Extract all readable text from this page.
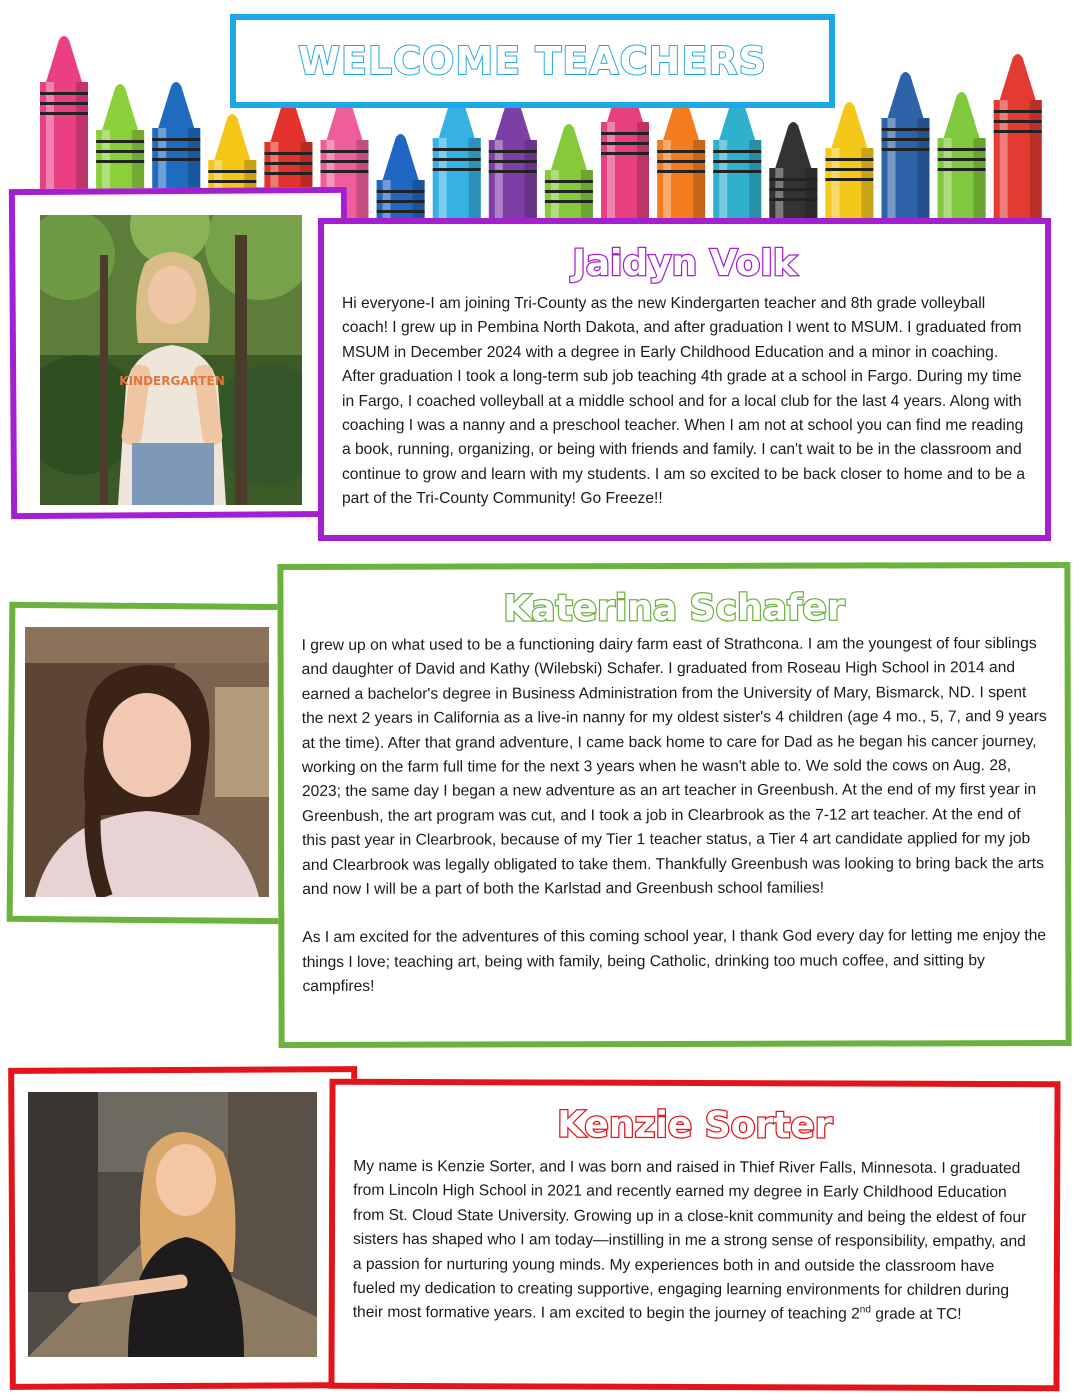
WELCOME TEACHERS
KINDERGARTEN
Jaidyn Volk

Hi everyone-I am joining Tri-County as the new Kindergarten teacher and 8th grade volleyball coach! I grew up in Pembina North Dakota, and after graduation I went to MSUM. I graduated from MSUM in December 2024 with a degree in Early Childhood Education and a minor in coaching. After graduation I took a long-term sub job teaching 4th grade at a school in Fargo. During my time in Fargo, I coached volleyball at a middle school and for a local club for the last 4 years. Along with coaching I was a nanny and a preschool teacher. When I am not at school you can find me reading a book, running, organizing, or being with friends and family. I can't wait to be in the classroom and continue to grow and learn with my students. I am so excited to be back closer to home and to be a part of the Tri-County Community! Go Freeze!!

Katerina Schafer

I grew up on what used to be a functioning dairy farm east of Strathcona. I am the youngest of four siblings and daughter of David and Kathy (Wilebski) Schafer. I graduated from Roseau High School in 2014 and earned a bachelor's degree in Business Administration from the University of Mary, Bismarck, ND. I spent the next 2 years in California as a live-in nanny for my oldest sister's 4 children (age 4 mo., 5, 7, and 9 years at the time). After that grand adventure, I came back home to care for Dad as he began his cancer journey, working on the farm full time for the next 3 years when he wasn't able to. We sold the cows on Aug. 28, 2023; the same day I began a new adventure as an art teacher in Greenbush. At the end of my first year in Greenbush, the art program was cut, and I took a job in Clearbrook as the 7-12 art teacher. At the end of this past year in Clearbrook, because of my Tier 1 teacher status, a Tier 4 art candidate applied for my job and Clearbrook was legally obligated to take them. Thankfully Greenbush was looking to bring back the arts and now I will be a part of both the Karlstad and Greenbush school families!

As I am excited for the adventures of this coming school year, I thank God every day for letting me enjoy the things I love; teaching art, being with family, being Catholic, drinking too much coffee, and sitting by campfires!

Kenzie Sorter

My name is Kenzie Sorter, and I was born and raised in Thief River Falls, Minnesota. I graduated from Lincoln High School in 2021 and recently earned my degree in Early Childhood Education from St. Cloud State University. Growing up in a close-knit community and being the eldest of four sisters has shaped who I am today—instilling in me a strong sense of responsibility, empathy, and a passion for nurturing young minds. My experiences both in and outside the classroom have fueled my dedication to creating supportive, engaging learning environments for children during their most formative years. I am excited to begin the journey of teaching 2nd grade at TC!
